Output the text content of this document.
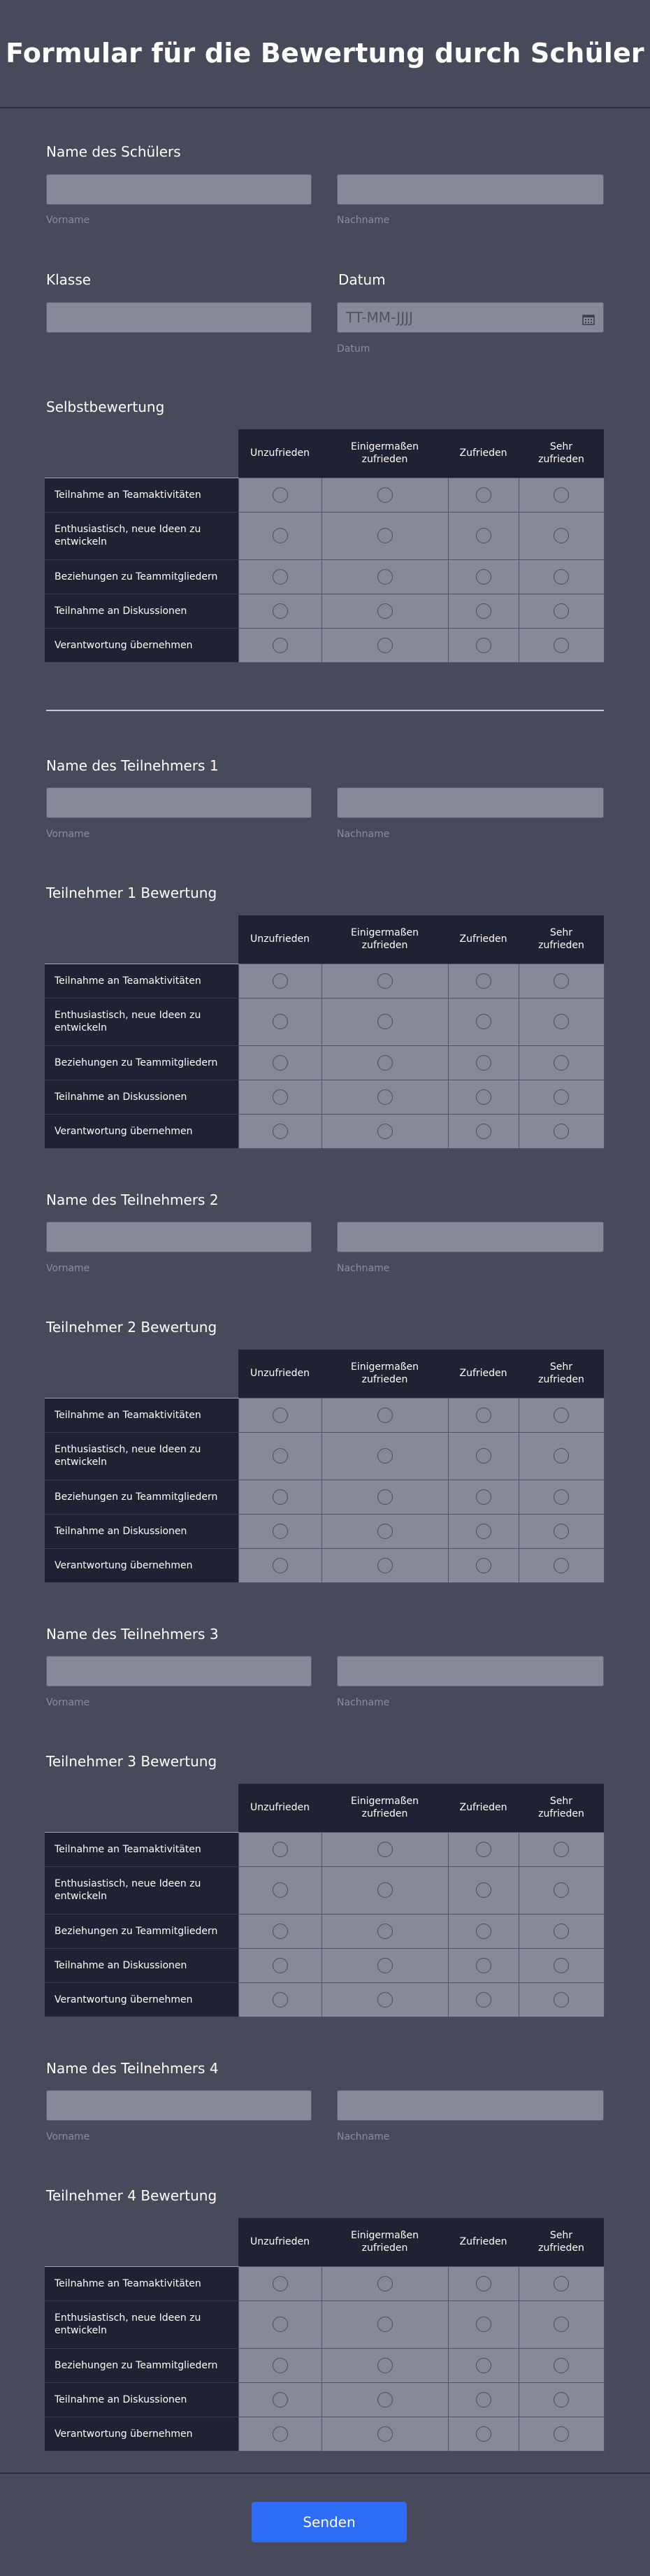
Formular für die Bewertung durch Schüler
Name des Schülers
Vorname	Nachname
Klasse	Datum
TT-MM-JJJJ
Datum
Selbstbewertung
	Unzufrieden	Einigermaßen zufrieden	Zufrieden	Sehr zufrieden
Teilnahme an Teamaktivitäten				
Enthusiastisch, neue Ideen zu entwickeln				
Beziehungen zu Teammitgliedern				
Teilnahme an Diskussionen				
Verantwortung übernehmen				
Name des Teilnehmers 1
Vorname	Nachname
Teilnehmer 1 Bewertung
	Unzufrieden	Einigermaßen zufrieden	Zufrieden	Sehr zufrieden
Teilnahme an Teamaktivitäten				
Enthusiastisch, neue Ideen zu entwickeln				
Beziehungen zu Teammitgliedern				
Teilnahme an Diskussionen				
Verantwortung übernehmen				
Name des Teilnehmers 2
Vorname	Nachname
Teilnehmer 2 Bewertung
	Unzufrieden	Einigermaßen zufrieden	Zufrieden	Sehr zufrieden
Teilnahme an Teamaktivitäten				
Enthusiastisch, neue Ideen zu entwickeln				
Beziehungen zu Teammitgliedern				
Teilnahme an Diskussionen				
Verantwortung übernehmen				
Name des Teilnehmers 3
Vorname	Nachname
Teilnehmer 3 Bewertung
	Unzufrieden	Einigermaßen zufrieden	Zufrieden	Sehr zufrieden
Teilnahme an Teamaktivitäten				
Enthusiastisch, neue Ideen zu entwickeln				
Beziehungen zu Teammitgliedern				
Teilnahme an Diskussionen				
Verantwortung übernehmen				
Name des Teilnehmers 4
Vorname	Nachname
Teilnehmer 4 Bewertung
	Unzufrieden	Einigermaßen zufrieden	Zufrieden	Sehr zufrieden
Teilnahme an Teamaktivitäten				
Enthusiastisch, neue Ideen zu entwickeln				
Beziehungen zu Teammitgliedern				
Teilnahme an Diskussionen				
Verantwortung übernehmen				
Senden
